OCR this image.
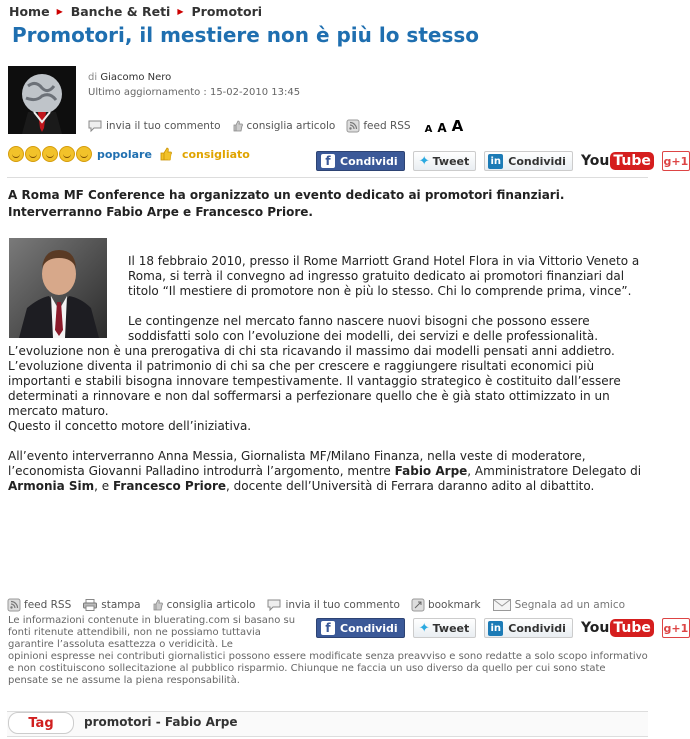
Home ▶ Banche & Reti ▶ Promotori
Promotori, il mestiere non è più lo stesso
di Giacomo Nero
Ultimo aggiornamento : 15-02-2010 13:45
invia il tuo commento consiglia articolo	feed RSS A A A
popolare	consigliato	f Condividi ✦ Tweet in Condividi You Tube g+1
A Roma MF Conference ha organizzato un evento dedicato ai promotori finanziari. Interverranno Fabio Arpe e Francesco Priore.

Il 18 febbraio 2010, presso il Rome Marriott Grand Hotel Flora in via Vittorio Veneto a Roma, si terrà il convegno ad ingresso gratuito dedicato ai promotori finanziari dal titolo “Il mestiere di promotore non è più lo stesso. Chi lo comprende prima, vince”.

Le contingenze nel mercato fanno nascere nuovi bisogni che possono essere soddisfatti solo con l’evoluzione dei modelli, dei servizi e delle professionalità.

L’evoluzione non è una prerogativa di chi sta ricavando il massimo dai modelli pensati anni addietro. L’evoluzione diventa il patrimonio di chi sa che per crescere e raggiungere risultati economici più importanti e stabili bisogna innovare tempestivamente. Il vantaggio strategico è costituito dall’essere determinati a rinnovare e non dal soffermarsi a perfezionare quello che è già stato ottimizzato in un mercato maturo.

Questo il concetto motore dell’iniziativa.

All’evento interverranno Anna Messia, Giornalista MF/Milano Finanza, nella veste di moderatore, l’economista Giovanni Palladino introdurrà l’argomento, mentre Fabio Arpe, Amministratore Delegato di Armonia Sim, e Francesco Priore, docente dell’Università di Ferrara daranno adito al dibattito.

feed RSS	stampa consiglia articolo	invia il tuo commento	bookmark	Segnala ad un amico
Le informazioni contenute in bluerating.com si basano su fonti ritenute attendibili, non ne possiamo tuttavia garantire l’assoluta esattezza o veridicità. Le
opinioni espresse nei contributi giornalistici possono essere modificate senza preavviso e sono redatte a solo scopo informativo e non costituiscono sollecitazione al pubblico risparmio. Chiunque ne faccia un uso diverso da quello per cui sono state pensate se ne assume la piena responsabilità.
f Condividi ✦ Tweet in Condividi You Tube g+1
Tag	promotori - Fabio Arpe
